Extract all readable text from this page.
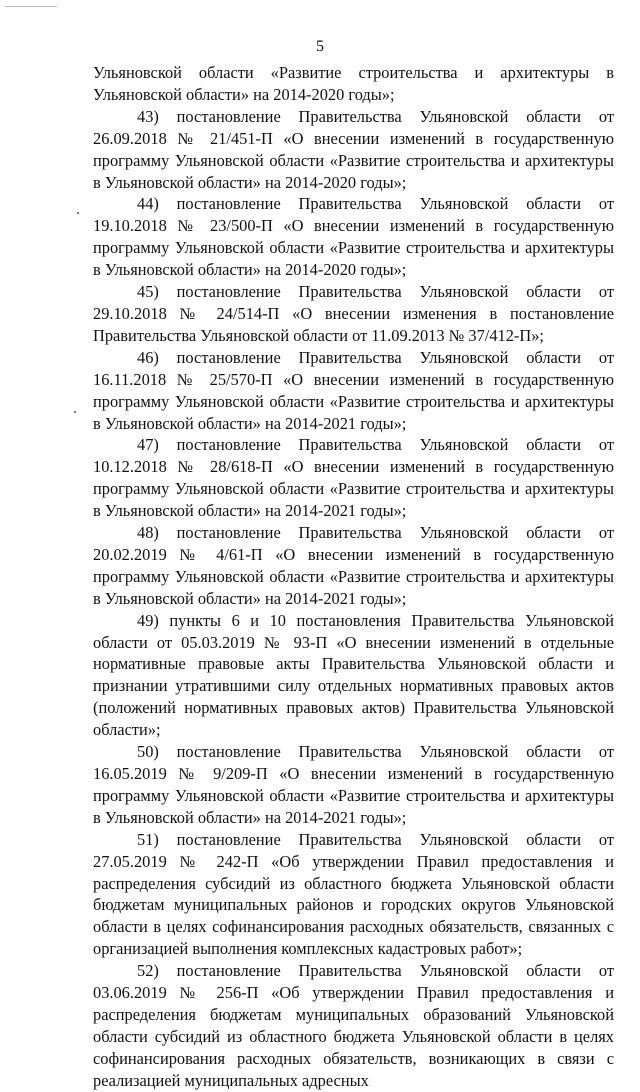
5

Ульяновской области «Развитие строительства и архитектуры в Ульяновской области» на 2014-2020 годы»;

43) постановление Правительства Ульяновской области от 26.09.2018 № 21/451-П «О внесении изменений в государственную программу Ульяновской области «Развитие строительства и архитектуры в Ульяновской области» на 2014-2020 годы»;

44) постановление Правительства Ульяновской области от 19.10.2018 № 23/500-П «О внесении изменений в государственную программу Ульяновской области «Развитие строительства и архитектуры в Ульяновской области» на 2014-2020 годы»;

45) постановление Правительства Ульяновской области от 29.10.2018 № 24/514-П «О внесении изменения в постановление Правительства Ульяновской области от 11.09.2013 № 37/412-П»;

46) постановление Правительства Ульяновской области от 16.11.2018 № 25/570-П «О внесении изменений в государственную программу Ульяновской области «Развитие строительства и архитектуры в Ульяновской области» на 2014-2021 годы»;

47) постановление Правительства Ульяновской области от 10.12.2018 № 28/618-П «О внесении изменений в государственную программу Ульяновской области «Развитие строительства и архитектуры в Ульяновской области» на 2014-2021 годы»;

48) постановление Правительства Ульяновской области от 20.02.2019 № 4/61-П «О внесении изменений в государственную программу Ульяновской области «Развитие строительства и архитектуры в Ульяновской области» на 2014-2021 годы»;

49) пункты 6 и 10 постановления Правительства Ульяновской области от 05.03.2019 № 93-П «О внесении изменений в отдельные нормативные правовые акты Правительства Ульяновской области и признании утратившими силу отдельных нормативных правовых актов (положений нормативных правовых актов) Правительства Ульяновской области»;

50) постановление Правительства Ульяновской области от 16.05.2019 № 9/209-П «О внесении изменений в государственную программу Ульяновской области «Развитие строительства и архитектуры в Ульяновской области» на 2014-2021 годы»;

51) постановление Правительства Ульяновской области от 27.05.2019 № 242-П «Об утверждении Правил предоставления и распределения субсидий из областного бюджета Ульяновской области бюджетам муниципальных районов и городских округов Ульяновской области в целях софинансирования расходных обязательств, связанных с организацией выполнения комплексных кадастровых работ»;

52) постановление Правительства Ульяновской области от 03.06.2019 № 256-П «Об утверждении Правил предоставления и распределения бюджетам муниципальных образований Ульяновской области субсидий из областного бюджета Ульяновской области в целях софинансирования расходных обязательств, возникающих в связи с реализацией муниципальных адресных
